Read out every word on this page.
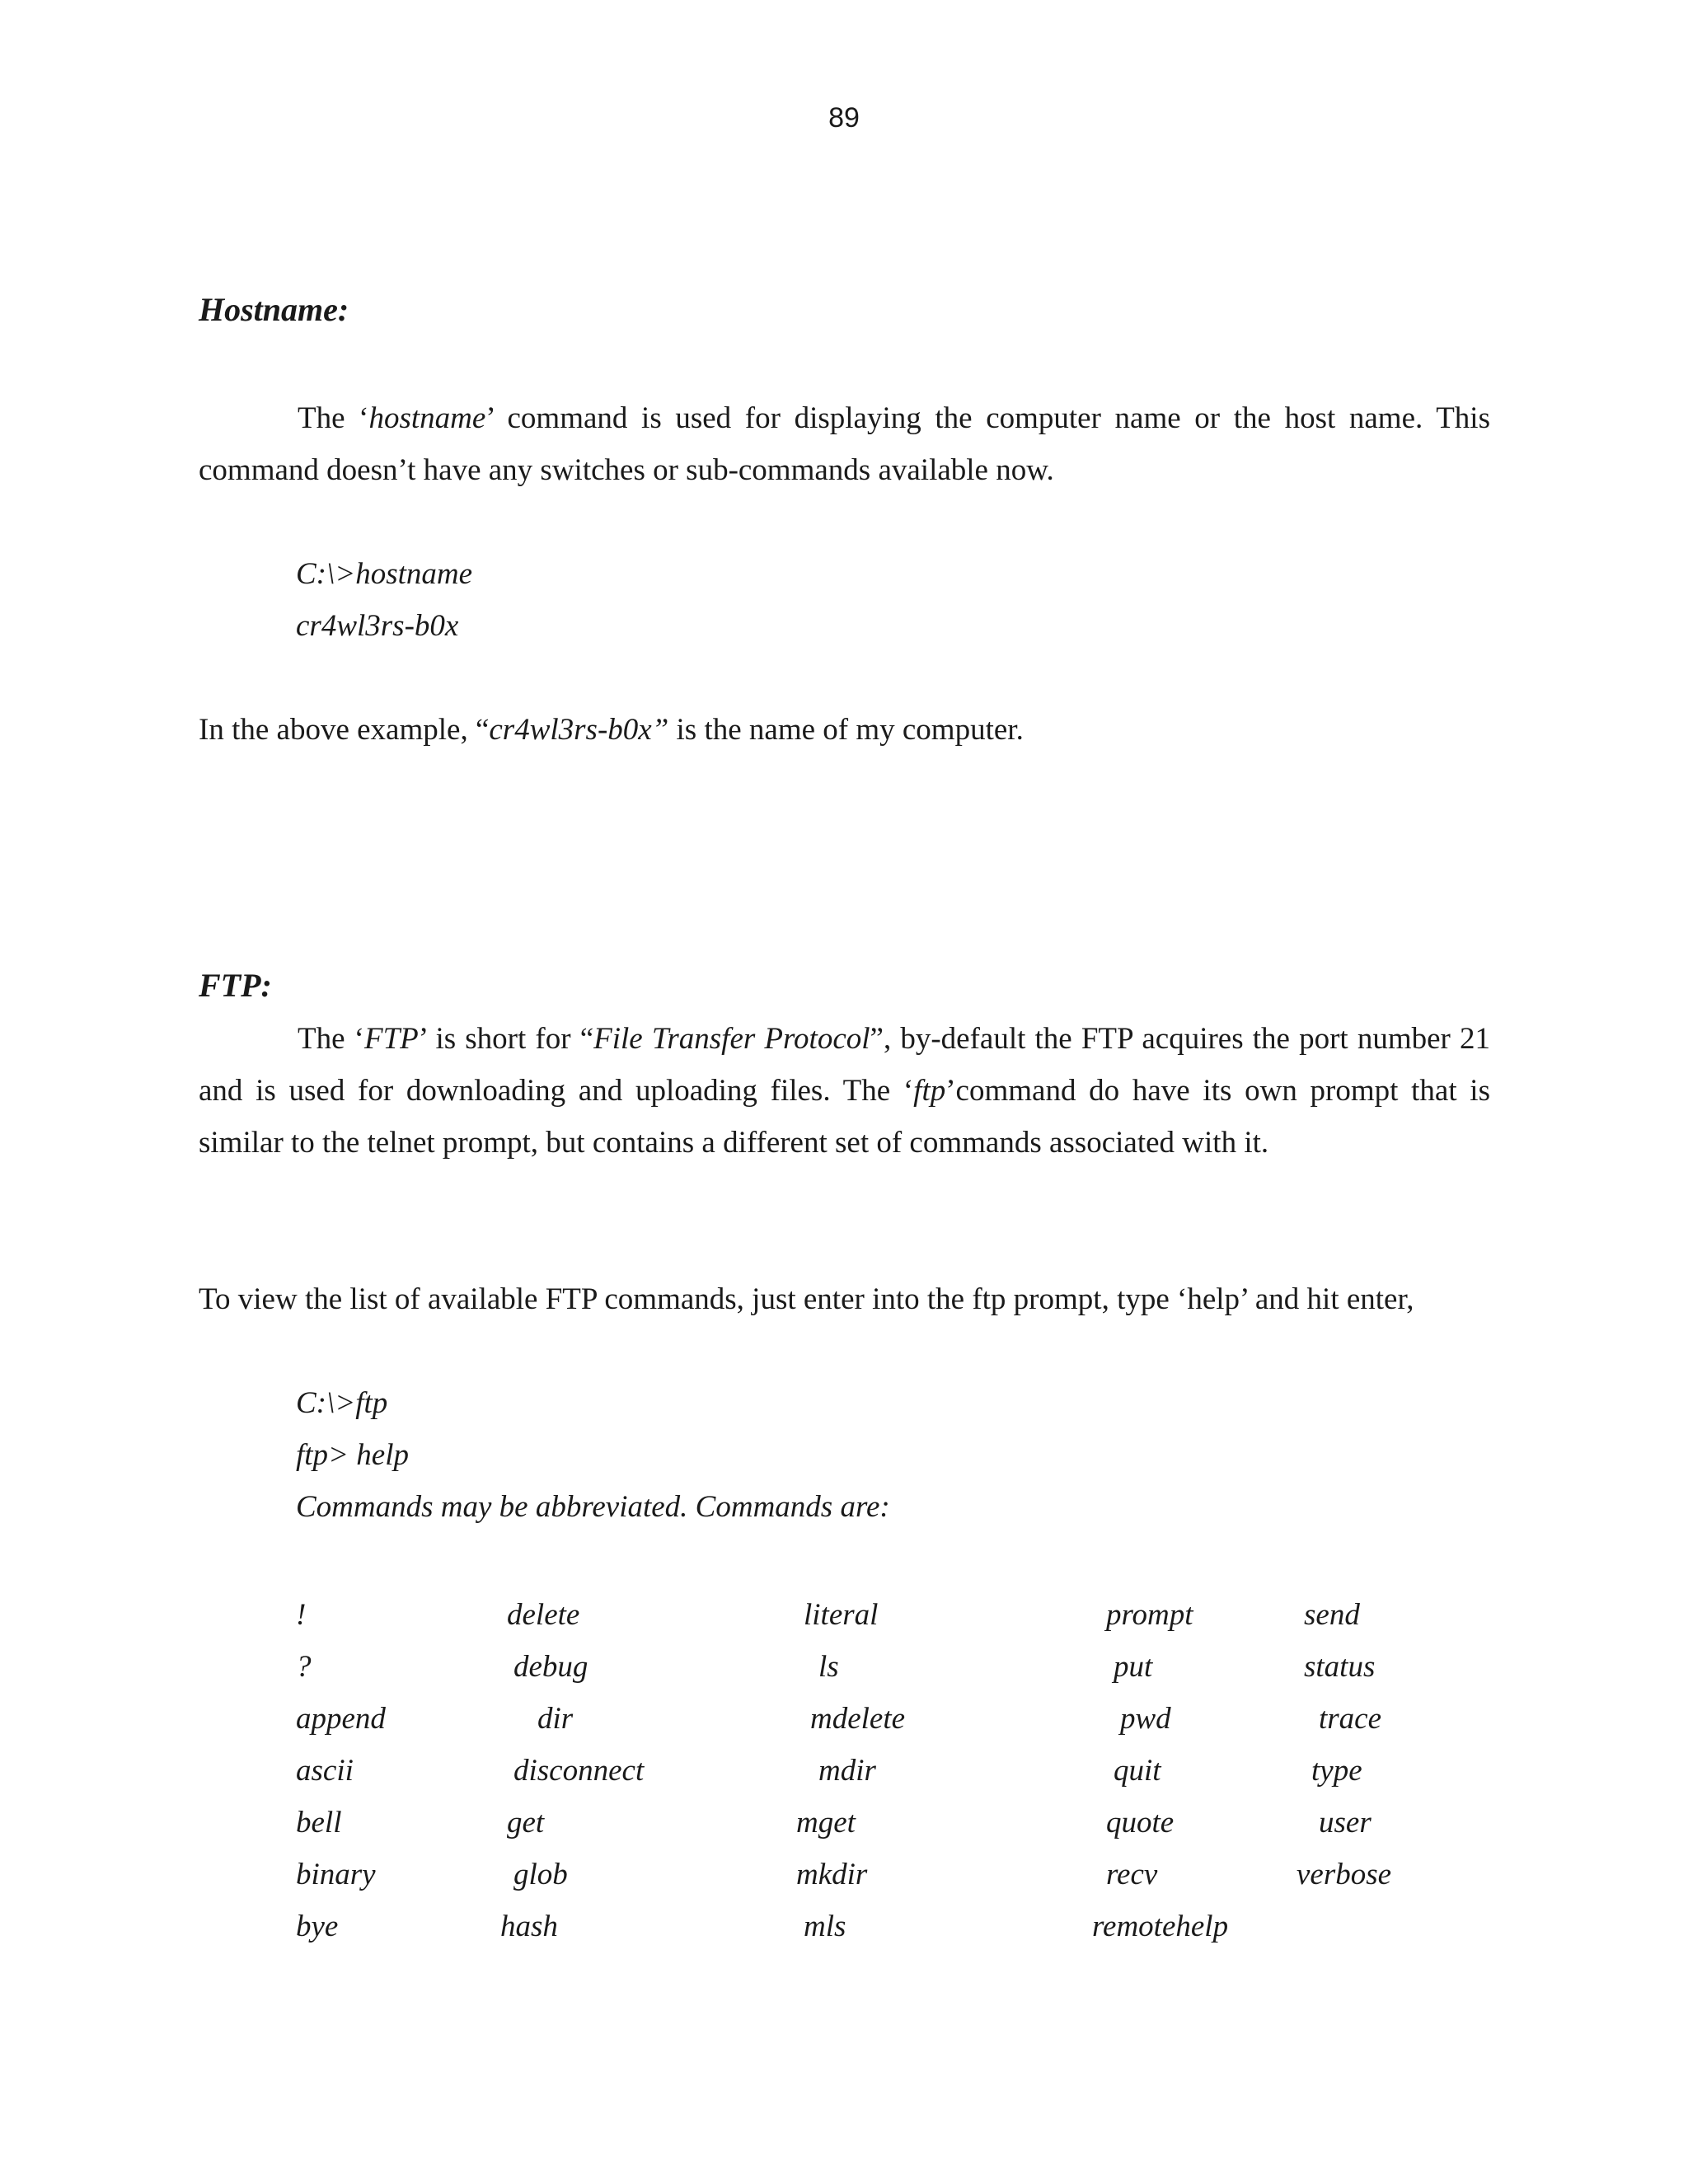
89
Hostname:

The ‘hostname’ command is used for displaying the computer name or the host name. This command doesn’t have any switches or sub-commands available now.

C:\>hostname
cr4wl3rs-b0x

In the above example, “cr4wl3rs-b0x” is the name of my computer.

FTP:

The ‘FTP’ is short for “File Transfer Protocol”, by-default the FTP acquires the port number 21 and is used for downloading and uploading files. The ‘ftp’command do have its own prompt that is similar to the telnet prompt, but contains a different set of commands associated with it.

To view the list of available FTP commands, just enter into the ftp prompt, type ‘help’ and hit enter,

C:\>ftp
ftp> help
Commands may be abbreviated. Commands are:
!
?
append
ascii
bell
binary
bye
delete
debug
dir
disconnect
get
glob
hash
literal
ls
mdelete
mdir
mget
mkdir
mls
prompt
put
pwd
quit
quote
recv
remotehelp
send
status
trace
type
user
verbose
